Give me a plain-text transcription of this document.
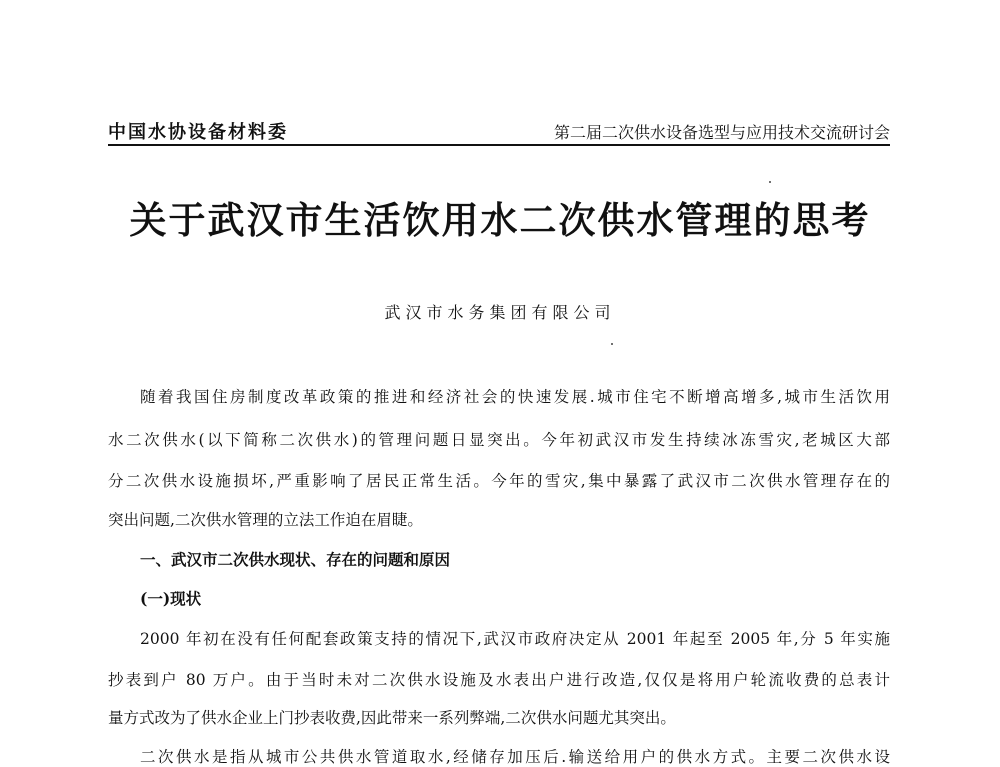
中国水协设备材料委	第二届二次供水设备选型与应用技术交流研讨会
关于武汉市生活饮用水二次供水管理的思考
武汉市水务集团有限公司
随着我国住房制度改革政策的推进和经济社会的快速发展.城市住宅不断增高增多,城市生活饮用
水二次供水(以下简称二次供水)的管理问题日显突出。今年初武汉市发生持续冰冻雪灾,老城区大部
分二次供水设施损坏,严重影响了居民正常生活。今年的雪灾,集中暴露了武汉市二次供水管理存在的
突出问题,二次供水管理的立法工作迫在眉睫。
一、武汉市二次供水现状、存在的问题和原因
(一)现状
2000 年初在没有任何配套政策支持的情况下,武汉市政府决定从 2001 年起至 2005 年,分 5 年实施
抄表到户 80 万户。由于当时未对二次供水设施及水表出户进行改造,仅仅是将用户轮流收费的总表计
量方式改为了供水企业上门抄表收费,因此带来一系列弊端,二次供水问题尤其突出。
二次供水是指从城市公共供水管道取水,经储存加压后.输送给用户的供水方式。主要二次供水设
